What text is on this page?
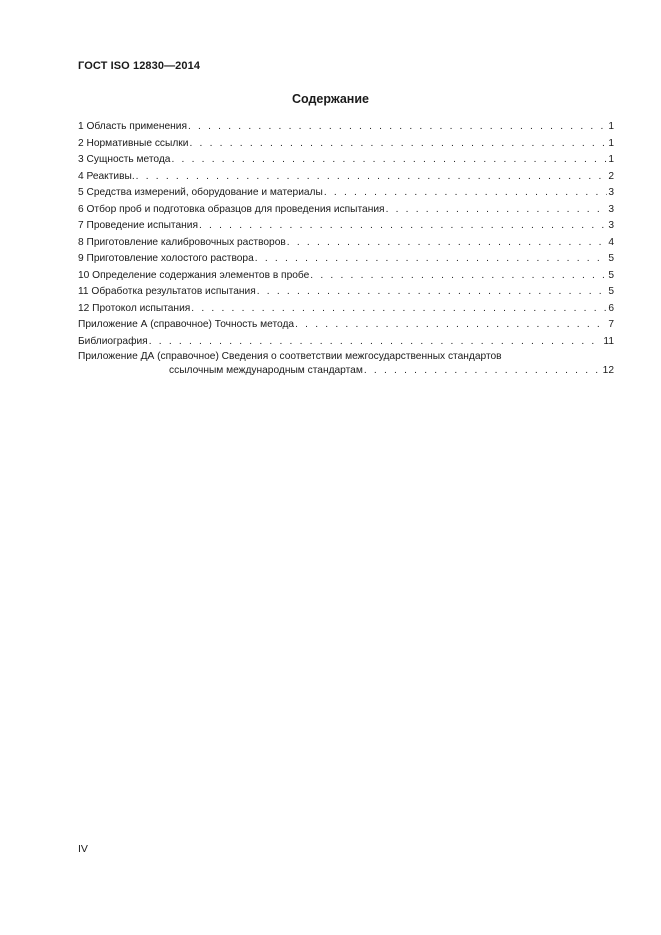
ГОСТ ISO 12830—2014
Содержание
1 Область применения . . .	1
2 Нормативные ссылки . . .	1
3 Сущность метода . . .	1
4 Реактивы. . . .	2
5 Средства измерений, оборудование и материалы . . .	3
6 Отбор проб и подготовка образцов для проведения испытания . . .	3
7 Проведение испытания . . .	3
8 Приготовление калибровочных растворов . . .	4
9 Приготовление холостого раствора . . .	5
10 Определение содержания элементов в пробе . . .	5
11 Обработка результатов испытания . . .	5
12 Протокол испытания . . .	6
Приложение А (справочное) Точность метода . . .	7
Библиография . . .	11
Приложение ДА (справочное) Сведения о соответствии межгосударственных стандартов
ссылочным международным стандартам . . .	12
IV
